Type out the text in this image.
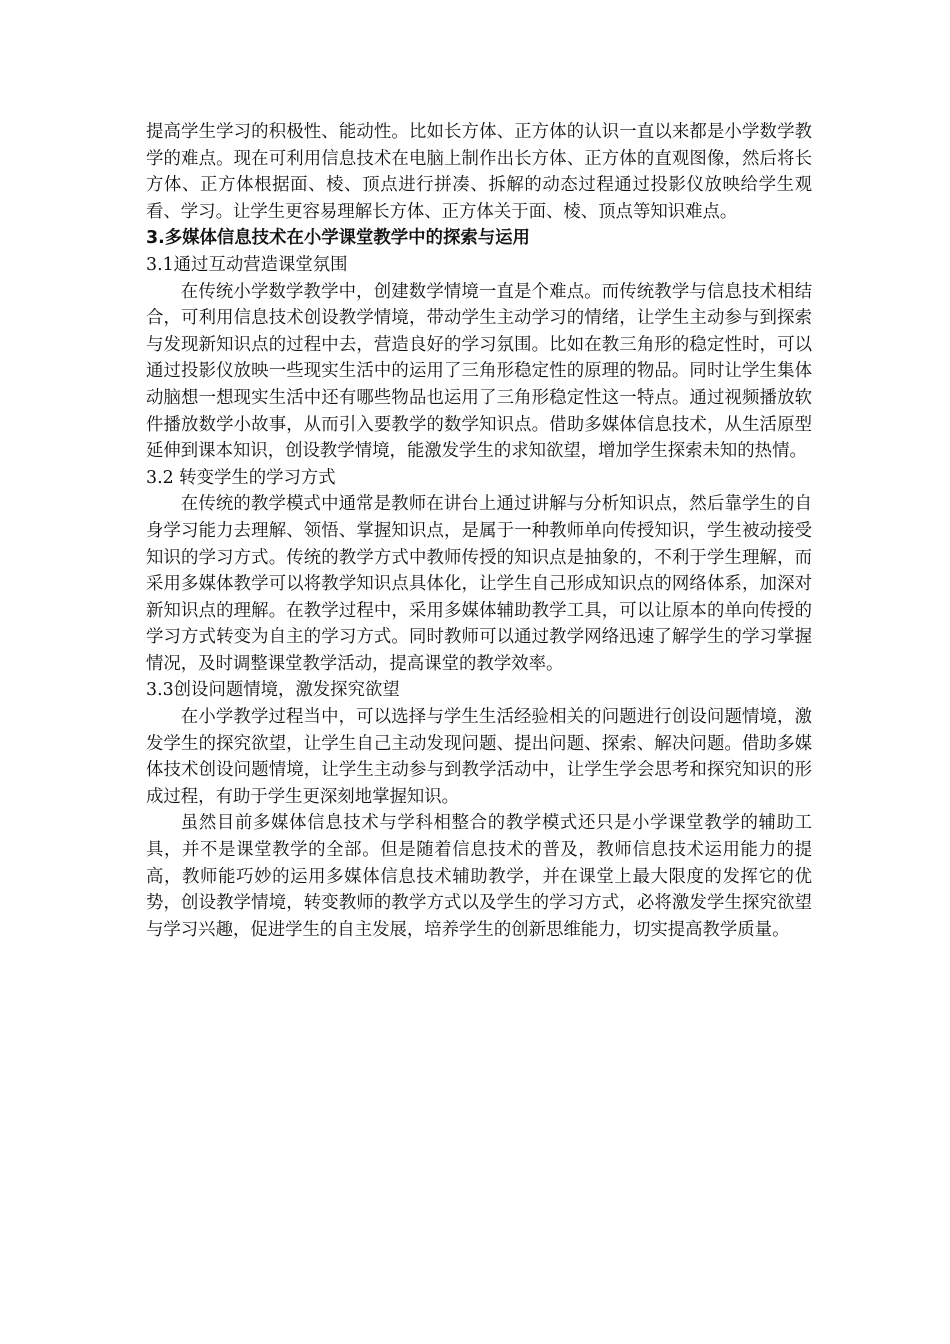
提高学生学习的积极性、能动性。比如长方体、正方体的认识一直以来都是小学数学教学的难点。现在可利用信息技术在电脑上制作出长方体、正方体的直观图像，然后将长方体、正方体根据面、棱、顶点进行拼凑、拆解的动态过程通过投影仪放映给学生观看、学习。让学生更容易理解长方体、正方体关于面、棱、顶点等知识难点。

3.多媒体信息技术在小学课堂教学中的探索与运用

3.1通过互动营造课堂氛围

在传统小学数学教学中，创建数学情境一直是个难点。而传统教学与信息技术相结合，可利用信息技术创设教学情境，带动学生主动学习的情绪，让学生主动参与到探索与发现新知识点的过程中去，营造良好的学习氛围。比如在教三角形的稳定性时，可以通过投影仪放映一些现实生活中的运用了三角形稳定性的原理的物品。同时让学生集体动脑想一想现实生活中还有哪些物品也运用了三角形稳定性这一特点。通过视频播放软件播放数学小故事，从而引入要教学的数学知识点。借助多媒体信息技术，从生活原型延伸到课本知识，创设教学情境，能激发学生的求知欲望，增加学生探索未知的热情。

3.2 转变学生的学习方式

在传统的教学模式中通常是教师在讲台上通过讲解与分析知识点，然后靠学生的自身学习能力去理解、领悟、掌握知识点，是属于一种教师单向传授知识，学生被动接受知识的学习方式。传统的教学方式中教师传授的知识点是抽象的，不利于学生理解，而采用多媒体教学可以将教学知识点具体化，让学生自己形成知识点的网络体系，加深对新知识点的理解。在教学过程中，采用多媒体辅助教学工具，可以让原本的单向传授的学习方式转变为自主的学习方式。同时教师可以通过教学网络迅速了解学生的学习掌握情况，及时调整课堂教学活动，提高课堂的教学效率。

3.3创设问题情境，激发探究欲望

在小学教学过程当中，可以选择与学生生活经验相关的问题进行创设问题情境，激发学生的探究欲望，让学生自己主动发现问题、提出问题、探索、解决问题。借助多媒体技术创设问题情境，让学生主动参与到教学活动中，让学生学会思考和探究知识的形成过程，有助于学生更深刻地掌握知识。

虽然目前多媒体信息技术与学科相整合的教学模式还只是小学课堂教学的辅助工具，并不是课堂教学的全部。但是随着信息技术的普及，教师信息技术运用能力的提高，教师能巧妙的运用多媒体信息技术辅助教学，并在课堂上最大限度的发挥它的优势，创设教学情境，转变教师的教学方式以及学生的学习方式，必将激发学生探究欲望与学习兴趣，促进学生的自主发展，培养学生的创新思维能力，切实提高教学质量。
